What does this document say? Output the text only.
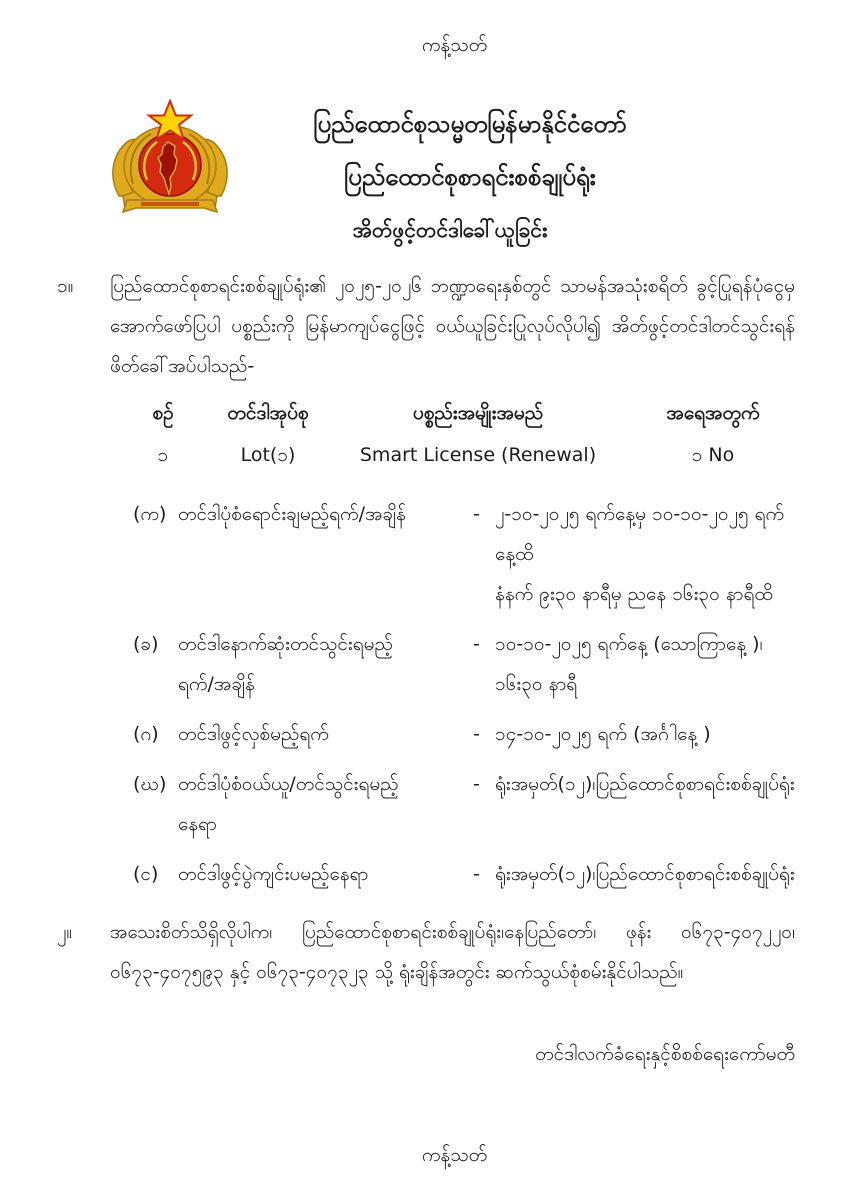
ကန့်သတ်
ပြည်ထောင်စုသမ္မတမြန်မာနိုင်ငံတော်
ပြည်ထောင်စုစာရင်းစစ်ချုပ်ရုံး
အိတ်ဖွင့်တင်ဒါခေါ်ယူခြင်း
၁။	ပြည်ထောင်စုစာရင်းစစ်ချုပ်ရုံး၏ ၂၀၂၅-၂၀၂၆ ဘဏ္ဍာရေးနှစ်တွင် သာမန်အသုံးစရိတ် ခွင့်ပြုရန်ပုံငွေမှ အောက်ဖော်ပြပါ ပစ္စည်းကို မြန်မာကျပ်ငွေဖြင့် ဝယ်ယူခြင်းပြုလုပ်လိုပါ၍ အိတ်ဖွင့်တင်ဒါတင်သွင်းရန် ဖိတ်ခေါ်အပ်ပါသည်-
စဉ်	တင်ဒါအုပ်စု	ပစ္စည်းအမျိုးအမည်	အရေအတွက်
၁	Lot(၁)	Smart License (Renewal)	၁ No
(က) တင်ဒါပုံစံရောင်းချမည့်ရက်/အချိန်	- ၂-၁၀-၂၀၂၅ ရက်နေ့မှ ၁၀-၁၀-၂၀၂၅ ရက်
နေ့ထိ
နံနက် ၉း၃၀ နာရီမှ ညနေ ၁၆း၃၀ နာရီထိ
(ခ)	တင်ဒါနောက်ဆုံးတင်သွင်းရမည့်	- ၁၀-၁၀-၂၀၂၅ ရက်နေ့ (သောကြာနေ့ )၊
ရက်/အချိန်	၁၆း၃၀ နာရီ
(ဂ)	တင်ဒါဖွင့်လှစ်မည့်ရက်	- ၁၄-၁၀-၂၀၂၅ ရက် (အင်္ဂါနေ့ )
(ဃ) တင်ဒါပုံစံဝယ်ယူ/တင်သွင်းရမည့်	- ရုံးအမှတ်(၁၂)၊ပြည်ထောင်စုစာရင်းစစ်ချုပ်ရုံး
နေရာ
(င)	တင်ဒါဖွင့်ပွဲကျင်းပမည့်နေရာ	- ရုံးအမှတ်(၁၂)၊ပြည်ထောင်စုစာရင်းစစ်ချုပ်ရုံး
၂။	အသေးစိတ်သိရှိလိုပါက၊ ပြည်ထောင်စုစာရင်းစစ်ချုပ်ရုံး၊နေပြည်တော်၊ ဖုန်း ၀၆၇၃-၄၀၇၂၂၀၊ ၀၆၇၃-၄၀၇၅၉၃ နှင့် ၀၆၇၃-၄၀၇၃၂၃ သို့ ရုံးချိန်အတွင်း ဆက်သွယ်စုံစမ်းနိုင်ပါသည်။
တင်ဒါလက်ခံရေးနှင့်စိစစ်ရေးကော်မတီ
ကန့်သတ်
